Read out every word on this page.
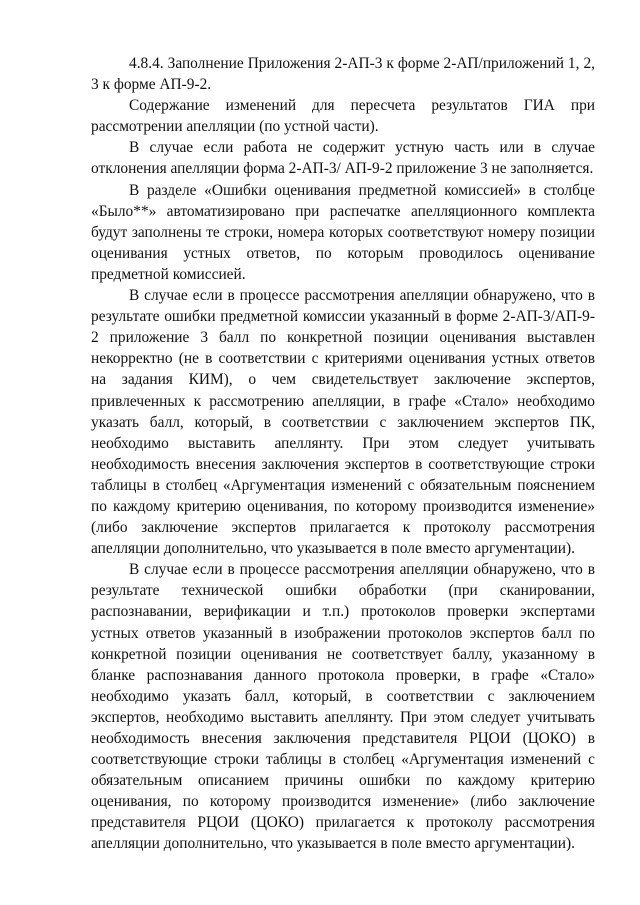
4.8.4. Заполнение Приложения 2-АП-3 к форме 2-АП/приложений 1, 2, 3 к форме АП-9-2.

Содержание изменений для пересчета результатов ГИА при рассмотрении апелляции (по устной части).

В случае если работа не содержит устную часть или в случае отклонения апелляции форма 2-АП-3/ АП-9-2 приложение 3 не заполняется.

В разделе «Ошибки оценивания предметной комиссией» в столбце «Было**» автоматизировано при распечатке апелляционного комплекта будут заполнены те строки, номера которых соответствуют номеру позиции оценивания устных ответов, по которым проводилось оценивание предметной комиссией.

В случае если в процессе рассмотрения апелляции обнаружено, что в результате ошибки предметной комиссии указанный в форме 2-АП-3/АП-9-2 приложение 3 балл по конкретной позиции оценивания выставлен некорректно (не в соответствии с критериями оценивания устных ответов на задания КИМ), о чем свидетельствует заключение экспертов, привлеченных к рассмотрению апелляции, в графе «Стало» необходимо указать балл, который, в соответствии с заключением экспертов ПК, необходимо выставить апеллянту. При этом следует учитывать необходимость внесения заключения экспертов в соответствующие строки таблицы в столбец «Аргументация изменений с обязательным пояснением по каждому критерию оценивания, по которому производится изменение» (либо заключение экспертов прилагается к протоколу рассмотрения апелляции дополнительно, что указывается в поле вместо аргументации).

В случае если в процессе рассмотрения апелляции обнаружено, что в результате технической ошибки обработки (при сканировании, распознавании, верификации и т.п.) протоколов проверки экспертами устных ответов указанный в изображении протоколов экспертов балл по конкретной позиции оценивания не соответствует баллу, указанному в бланке распознавания данного протокола проверки, в графе «Стало» необходимо указать балл, который, в соответствии с заключением экспертов, необходимо выставить апеллянту. При этом следует учитывать необходимость внесения заключения представителя РЦОИ (ЦОКО) в соответствующие строки таблицы в столбец «Аргументация изменений с обязательным описанием причины ошибки по каждому критерию оценивания, по которому производится изменение» (либо заключение представителя РЦОИ (ЦОКО) прилагается к протоколу рассмотрения апелляции дополнительно, что указывается в поле вместо аргументации).
